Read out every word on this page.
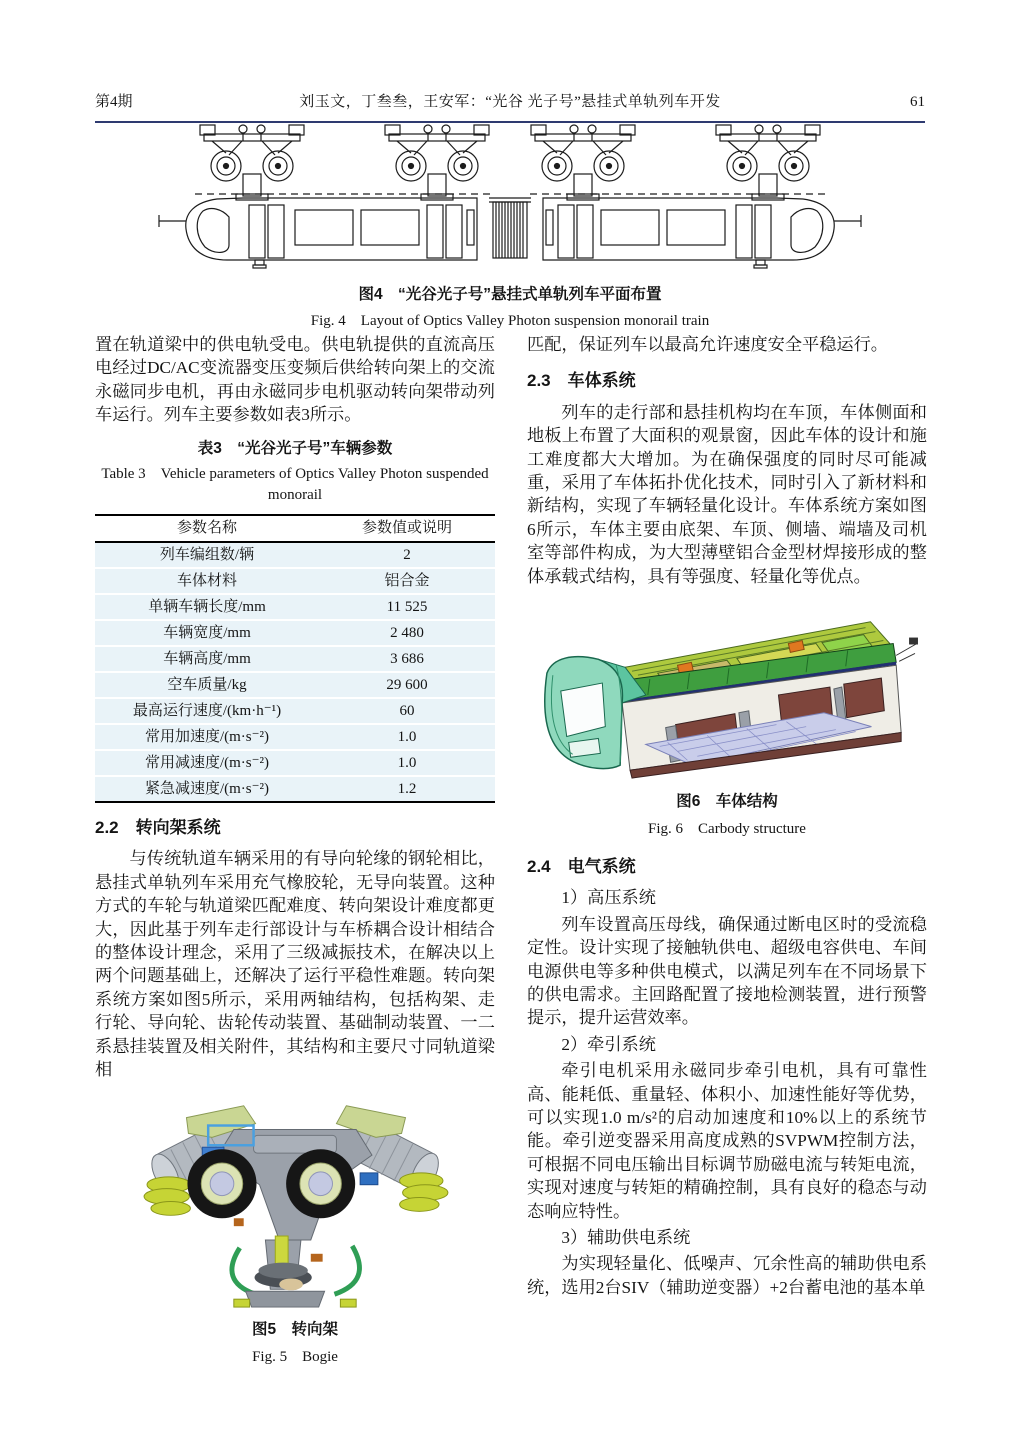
第4期	刘玉文，丁叁叁，王安军：“光谷 光子号”悬挂式单轨列车开发	61
图4　“光谷光子号”悬挂式单轨列车平面布置
Fig. 4　Layout of Optics Valley Photon suspension monorail train

置在轨道梁中的供电轨受电。供电轨提供的直流高压电经过DC/AC变流器变压变频后供给转向架上的交流永磁同步电机，再由永磁同步电机驱动转向架带动列车运行。列车主要参数如表3所示。

表3　“光谷光子号”车辆参数
Table 3　Vehicle parameters of Optics Valley Photon suspended monorail
参数名称	参数值或说明
列车编组数/辆	2
车体材料	铝合金
单辆车辆长度/mm	11 525
车辆宽度/mm	2 480
车辆高度/mm	3 686
空车质量/kg	29 600
最高运行速度/(km·h⁻¹)	60
常用加速度/(m·s⁻²)	1.0
常用减速度/(m·s⁻²)	1.0
紧急减速度/(m·s⁻²)	1.2
2.2　转向架系统

与传统轨道车辆采用的有导向轮缘的钢轮相比，悬挂式单轨列车采用充气橡胶轮，无导向装置。这种方式的车轮与轨道梁匹配难度、转向架设计难度都更大，因此基于列车走行部设计与车桥耦合设计相结合的整体设计理念，采用了三级减振技术，在解决以上两个问题基础上，还解决了运行平稳性难题。转向架系统方案如图5所示，采用两轴结构，包括构架、走行轮、导向轮、齿轮传动装置、基础制动装置、一二系悬挂装置及相关附件，其结构和主要尺寸同轨道梁相

图5　转向架
Fig. 5　Bogie

匹配，保证列车以最高允许速度安全平稳运行。

2.3　车体系统

列车的走行部和悬挂机构均在车顶，车体侧面和地板上布置了大面积的观景窗，因此车体的设计和施工难度都大大增加。为在确保强度的同时尽可能减重，采用了车体拓扑优化技术，同时引入了新材料和新结构，实现了车辆轻量化设计。车体系统方案如图6所示，车体主要由底架、车顶、侧墙、端墙及司机室等部件构成，为大型薄壁铝合金型材焊接形成的整体承载式结构，具有等强度、轻量化等优点。

图6　车体结构
Fig. 6　Carbody structure
2.4　电气系统

1）高压系统

列车设置高压母线，确保通过断电区时的受流稳定性。设计实现了接触轨供电、超级电容供电、车间电源供电等多种供电模式，以满足列车在不同场景下的供电需求。主回路配置了接地检测装置，进行预警提示，提升运营效率。

2）牵引系统

牵引电机采用永磁同步牵引电机，具有可靠性高、能耗低、重量轻、体积小、加速性能好等优势，可以实现1.0 m/s²的启动加速度和10%以上的系统节能。牵引逆变器采用高度成熟的SVPWM控制方法，可根据不同电压输出目标调节励磁电流与转矩电流，实现对速度与转矩的精确控制，具有良好的稳态与动态响应特性。

3）辅助供电系统

为实现轻量化、低噪声、冗余性高的辅助供电系统，选用2台SIV（辅助逆变器）+2台蓄电池的基本单
